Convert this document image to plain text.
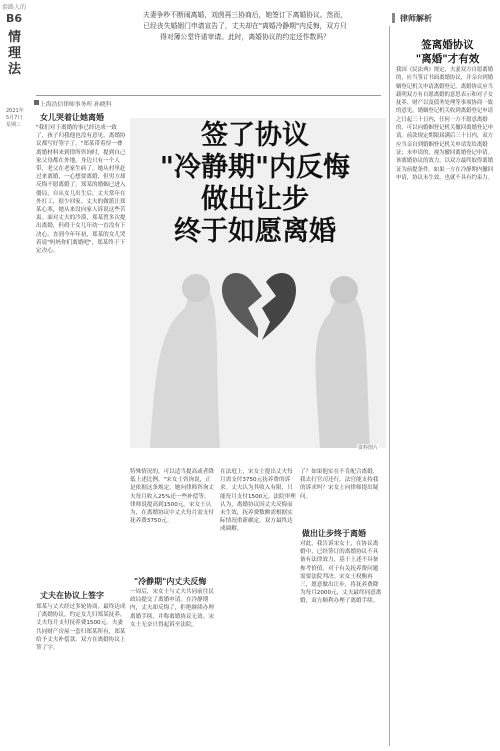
套路人的
B6
情理法
2021年
5月7日
星期三
夫妻争吵不断闹离婚，刘茵再三协商后，她签订下离婚协议。然而，已经丧失婚姻门申请宣告了，丈夫却在"离婚冷静期"内反悔，双方只得对簿公堂许诺审请。此时，离婚协议的约定还作数吗？
律师解析
上海浩信律师事务所 孙晓科
签了协议
"冷静期"内反悔
做出让步
终于如愿离婚
资料图片
女儿哭着让她离婚
"我们对于离婚的事已经达成一致了，孩子归我他也没有意见，离婚协议都写好签字了。"郑某带着厚一叠离婚材料来到律所咨询时，提到自己家父母都在外地，身边只有一个人带，老父在老家生病了，她从村里赶过来离婚，一心想要离婚，但男方却反悔不愿离婚了。郑某的婚姻已进入僵局，自从女儿出生后，丈夫常年在外打工，很少回家。丈夫的做派让郑某心寒，她从来没向家人诉说这些苦衷。面对丈夫的冷漠，郑某曾多次提出离婚，但碍于女儿年幼一直没有下决心。直到今年年初，郑某的女儿哭着说"妈妈你们离婚吧"，郑某终于下定决心。
丈夫在协议上签字
郑某与丈夫经过多轮协商，最终达成了离婚协议，约定女儿归郑某抚养，丈夫每月支付抚养费1500元，夫妻共同财产房屋一套归郑某所有，郑某给予丈夫补偿款。双方在离婚协议上签了字。
特殊情况的，可以适当提高或者降低上述比例。"宋女士咨询说，正是依据这条规定，她向律师咨询丈夫每月收入25%还一些补偿等。律师说提高到1500元。宋女士认为，在离婚协议中丈夫每月需支付抚养费3750元。
"冷静期"内丈夫反悔
一周后，宋女士与丈夫共同前往民政局提交了离婚申请。在冷静期内，丈夫却反悔了，拒绝继续办理离婚手续，并称离婚协议无效。宋女士无奈只得起诉至法院。
在法庭上，宋女士提出丈夫每月需支付3750元抚养费的诉求。丈夫认为其收入有限，只能每月支付1500元。法院审理认为，离婚协议因丈夫反悔而未生效，抚养费数额需根据实际情况重新确定。双方最终达成调解。
了？如果他实在不肯配合离婚，我去打官司还行，法官能支持我的诉求吗？宋女士向律师提出疑问。
做出让步终于离婚
对此，我告诉宋女士，在协议离婚中，已经签订的离婚协议不具备有法律效力，基于上述不具备参考价值，对于有关抚养费问题需要法院判决。宋女士权衡再三，愿意做出让步，将抚养费降为每月2000元，丈夫最终同意离婚，双方顺利办理了离婚手续。
签离婚协议
"离婚"才有效
我国《民法典》规定，夫妻双方自愿离婚的，应当签订书面离婚协议，并亲自到婚姻登记机关申请离婚登记。离婚协议应当载明双方有自愿离婚的意思表示和对子女抚养、财产以及债务处理等事项协商一致的意见。婚姻登记机关收到离婚登记申请之日起三十日内，任何一方不愿意离婚的，可以向婚姻登记机关撤回离婚登记申请。前款规定期限届满后三十日内，双方应当亲自到婚姻登记机关申请发给离婚证；未申请的，视为撤回离婚登记申请。该离婚协议的效力，以双方最终取得离婚证为前提条件。如果一方在冷静期内撤回申请，协议未生效，也就不具有约束力。
